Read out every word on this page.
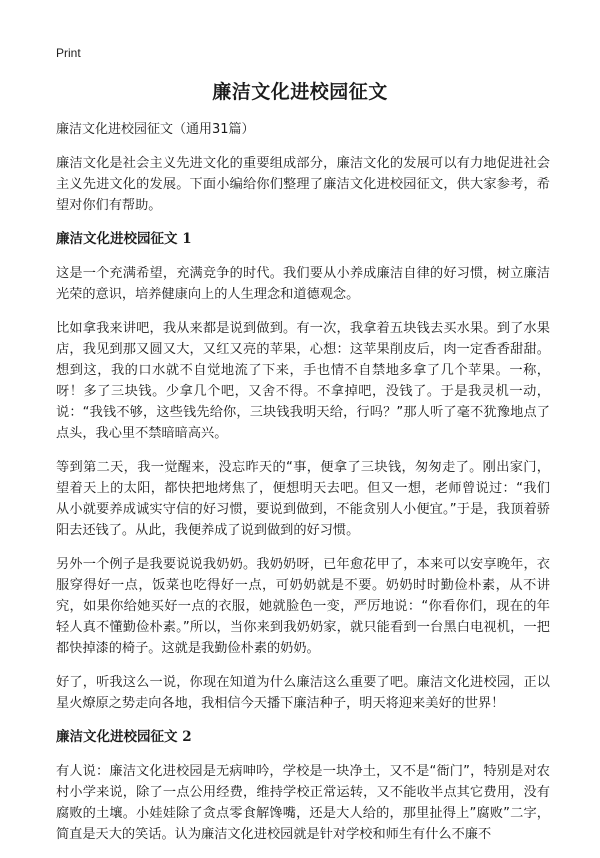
Print
廉洁文化进校园征文
廉洁文化进校园征文（通用31篇）

廉洁文化是社会主义先进文化的重要组成部分，廉洁文化的发展可以有力地促进社会主义先进文化的发展。下面小编给你们整理了廉洁文化进校园征文，供大家参考，希望对你们有帮助。

廉洁文化进校园征文 1

这是一个充满希望，充满竞争的时代。我们要从小养成廉洁自律的好习惯，树立廉洁光荣的意识，培养健康向上的人生理念和道德观念。

比如拿我来讲吧，我从来都是说到做到。有一次，我拿着五块钱去买水果。到了水果店，我见到那又圆又大，又红又亮的苹果，心想：这苹果削皮后，肉一定香香甜甜。想到这，我的口水就不自觉地流了下来，手也情不自禁地多拿了几个苹果。一称，呀！多了三块钱。少拿几个吧，又舍不得。不拿掉吧，没钱了。于是我灵机一动，说：“我钱不够，这些钱先给你，三块钱我明天给，行吗？”那人听了毫不犹豫地点了点头，我心里不禁暗暗高兴。

等到第二天，我一觉醒来，没忘昨天的“事，便拿了三块钱，匆匆走了。刚出家门，望着天上的太阳，都快把地烤焦了，便想明天去吧。但又一想，老师曾说过：“我们从小就要养成诚实守信的好习惯，要说到做到，不能贪别人小便宜。”于是，我顶着骄阳去还钱了。从此，我便养成了说到做到的好习惯。

另外一个例子是我要说说我奶奶。我奶奶呀，已年愈花甲了，本来可以安享晚年，衣服穿得好一点，饭菜也吃得好一点，可奶奶就是不要。奶奶时时勤俭朴素，从不讲究，如果你给她买好一点的衣服，她就脸色一变，严厉地说：“你看你们，现在的年轻人真不懂勤俭朴素。”所以，当你来到我奶奶家，就只能看到一台黑白电视机，一把都快掉漆的椅子。这就是我勤俭朴素的奶奶。

好了，听我这么一说，你现在知道为什么廉洁这么重要了吧。廉洁文化进校园，正以星火燎原之势走向各地，我相信今天播下廉洁种子，明天将迎来美好的世界！

廉洁文化进校园征文 2

有人说：廉洁文化进校园是无病呻吟，学校是一块净土，又不是“衙门”，特别是对农村小学来说，除了一点公用经费，维持学校正常运转，又不能收半点其它费用，没有腐败的土壤。小娃娃除了贪点零食解馋嘴，还是大人给的，那里扯得上”腐败”二字，简直是天大的笑话。认为廉洁文化进校园就是针对学校和师生有什么不廉不
